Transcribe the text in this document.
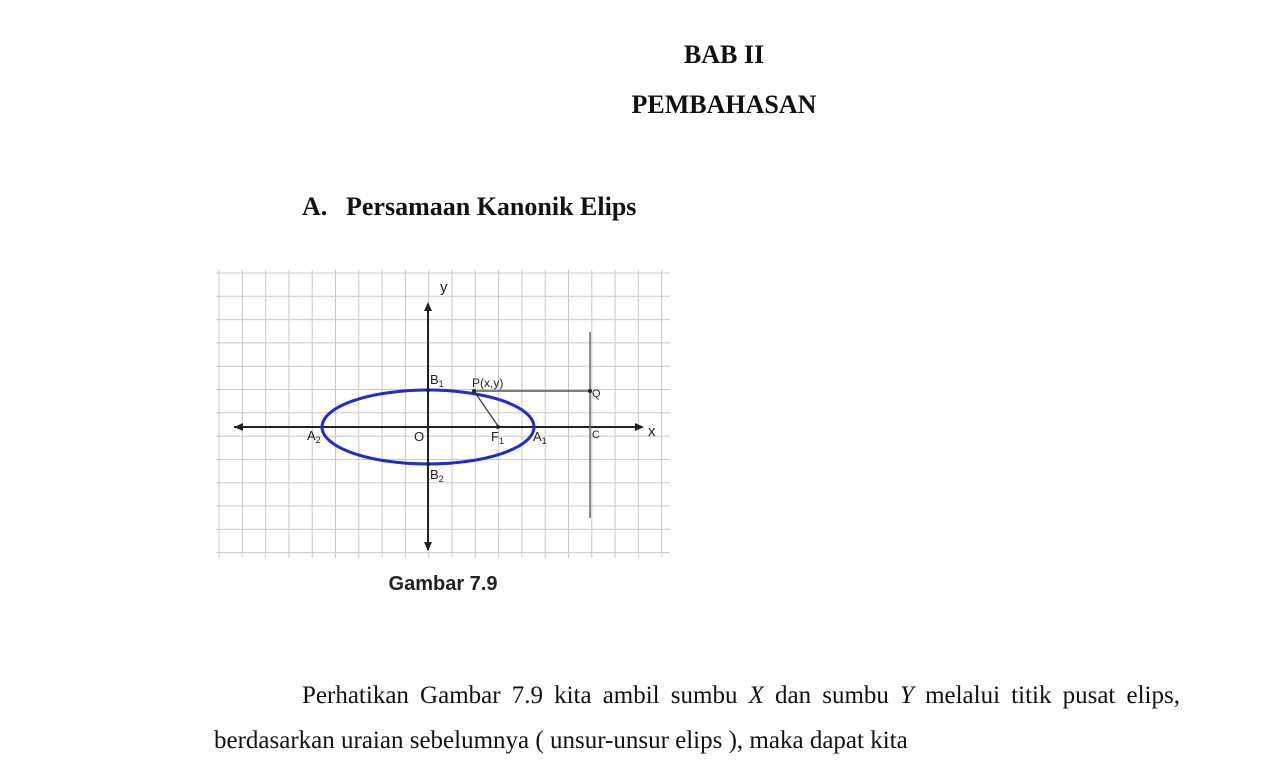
BAB II
PEMBAHASAN
A. Persamaan Kanonik Elips
y
x
O
$B_1$
$B_2$
$A_2$	$A_1$
$F_1$
P(x,y)
Q
C
Gambar 7.9

Perhatikan Gambar 7.9 kita ambil sumbu X dan sumbu Y melalui titik pusat elips, berdasarkan uraian sebelumnya ( unsur-unsur elips ), maka dapat kita
